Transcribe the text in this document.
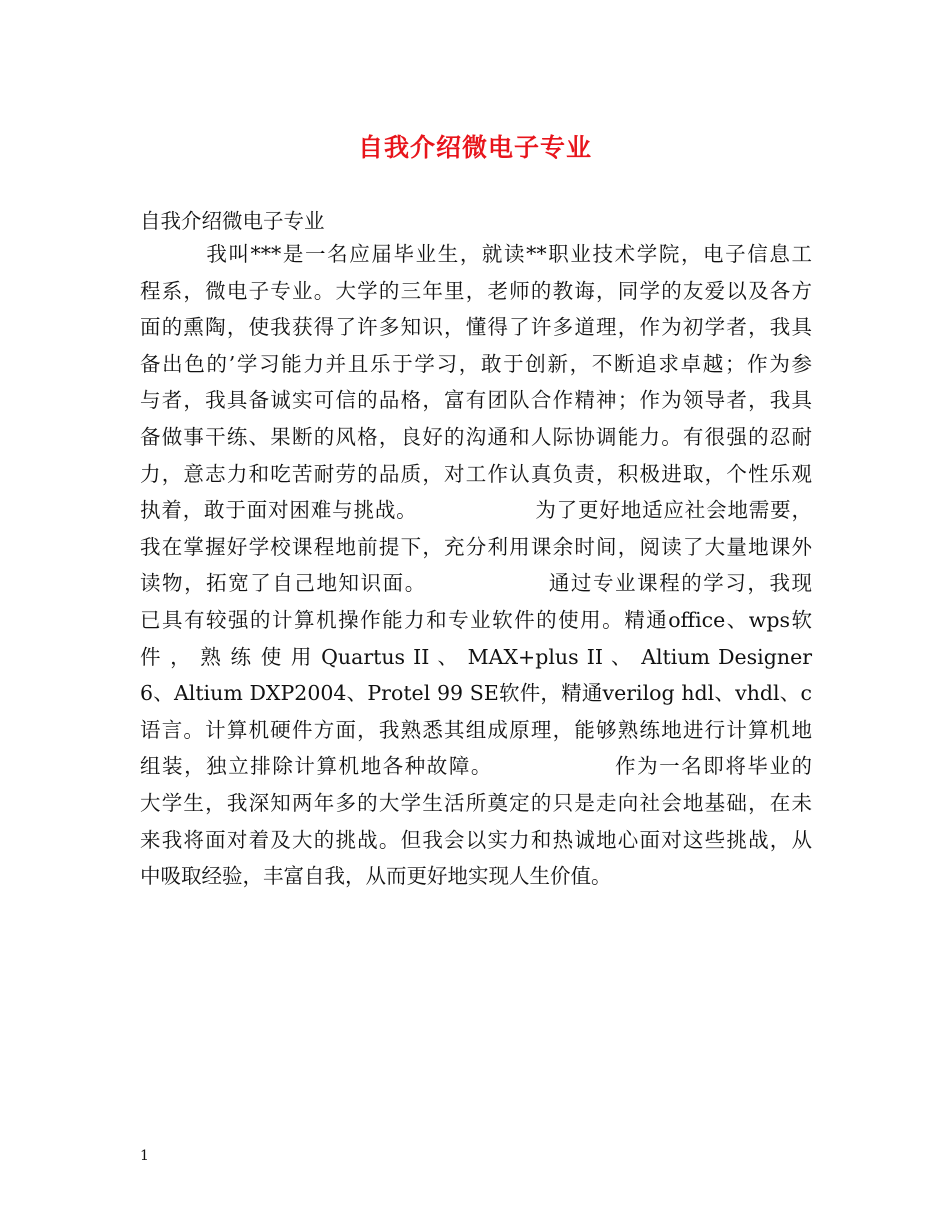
自我介绍微电子专业

自我介绍微电子专业

　　　我叫***是一名应届毕业生，就读**职业技术学院，电子信息工
程系，微电子专业。大学的三年里，老师的教诲，同学的友爱以及各方
面的熏陶，使我获得了许多知识，懂得了许多道理，作为初学者，我具
备出色的’学习能力并且乐于学习，敢于创新，不断追求卓越；作为参
与者，我具备诚实可信的品格，富有团队合作精神；作为领导者，我具
备做事干练、果断的风格，良好的沟通和人际协调能力。有很强的忍耐
力，意志力和吃苦耐劳的品质，对工作认真负责，积极进取，个性乐观
执着，敢于面对困难与挑战。　　　　　　为了更好地适应社会地需要，
我在掌握好学校课程地前提下，充分利用课余时间，阅读了大量地课外
读物，拓宽了自己地知识面。　　　　　　通过专业课程的学习，我现
已具有较强的计算机操作能力和专业软件的使用。精通office、wps软
件 ， 熟 练 使 用 Quartus II 、 MAX+plus II 、 Altium Designer
6、Altium DXP2004、Protel 99 SE软件，精通verilog hdl、vhdl、c
语言。计算机硬件方面，我熟悉其组成原理，能够熟练地进行计算机地
组装，独立排除计算机地各种故障。　　　　　　作为一名即将毕业的
大学生，我深知两年多的大学生活所奠定的只是走向社会地基础，在未
来我将面对着及大的挑战。但我会以实力和热诚地心面对这些挑战，从
中吸取经验，丰富自我，从而更好地实现人生价值。

1
